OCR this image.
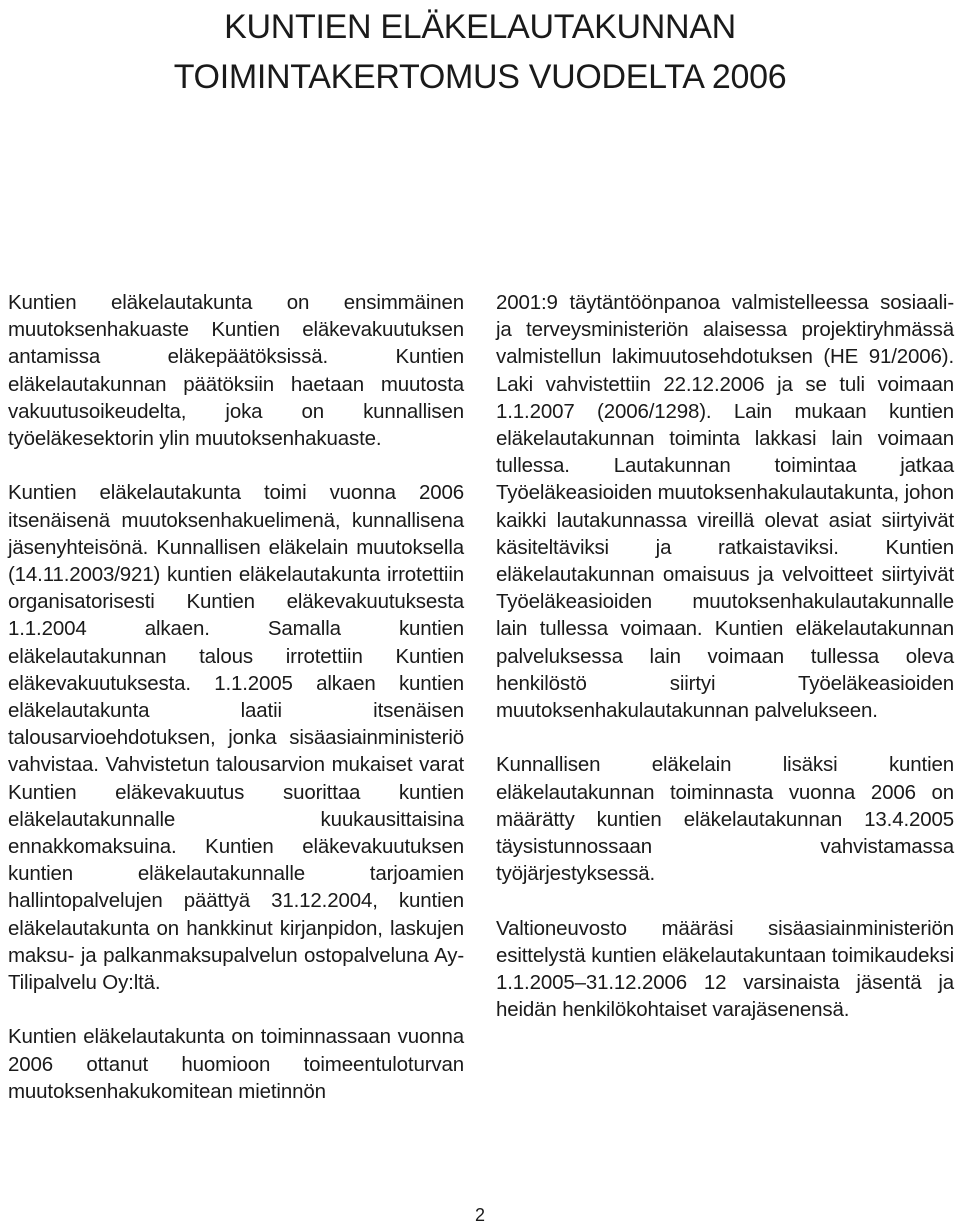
KUNTIEN ELÄKELAUTAKUNNAN
TOIMINTAKERTOMUS VUODELTA 2006

Kuntien eläkelautakunta on ensimmäinen muutoksenhakuaste Kuntien eläkevakuutuksen antamissa eläkepäätöksissä. Kuntien eläkelautakunnan päätöksiin haetaan muutosta vakuutusoikeudelta, joka on kunnallisen työeläkesektorin ylin muutoksenhakuaste.

Kuntien eläkelautakunta toimi vuonna 2006 itsenäisenä muutoksenhakuelimenä, kunnallisena jäsenyhteisönä. Kunnallisen eläkelain muutoksella (14.11.2003/921) kuntien eläkelautakunta irrotettiin organisatorisesti Kuntien eläkevakuutuksesta 1.1.2004 alkaen. Samalla kuntien eläkelautakunnan talous irrotettiin Kuntien eläkevakuutuksesta. 1.1.2005 alkaen kuntien eläkelautakunta laatii itsenäisen talousarvioehdotuksen, jonka sisäasiainministeriö vahvistaa. Vahvistetun talousarvion mukaiset varat Kuntien eläkevakuutus suorittaa kuntien eläkelautakunnalle kuukausittaisina ennakkomaksuina. Kuntien eläkevakuutuksen kuntien eläkelautakunnalle tarjoamien hallintopalvelujen päättyä 31.12.2004, kuntien eläkelautakunta on hankkinut kirjanpidon, laskujen maksu- ja palkanmaksupalvelun ostopalveluna Ay-Tilipalvelu Oy:ltä.

Kuntien eläkelautakunta on toiminnassaan vuonna 2006 ottanut huomioon toimeentuloturvan muutoksenhakukomitean mietinnön

2001:9 täytäntöönpanoa valmistelleessa sosiaali- ja terveysministeriön alaisessa projektiryhmässä valmistellun lakimuutosehdotuksen (HE 91/2006). Laki vahvistettiin 22.12.2006 ja se tuli voimaan 1.1.2007 (2006/1298). Lain mukaan kuntien eläkelautakunnan toiminta lakkasi lain voimaan tullessa. Lautakunnan toimintaa jatkaa Työeläkeasioiden muutoksenhakulautakunta, johon kaikki lautakunnassa vireillä olevat asiat siirtyivät käsiteltäviksi ja ratkaistaviksi. Kuntien eläkelautakunnan omaisuus ja velvoitteet siirtyivät Työeläkeasioiden muutoksenhakulautakunnalle lain tullessa voimaan. Kuntien eläkelautakunnan palveluksessa lain voimaan tullessa oleva henkilöstö siirtyi Työeläkeasioiden muutoksenhakulautakunnan palvelukseen.

Kunnallisen eläkelain lisäksi kuntien eläkelautakunnan toiminnasta vuonna 2006 on määrätty kuntien eläkelautakunnan 13.4.2005 täysistunnossaan vahvistamassa työjärjestyksessä.

Valtioneuvosto määräsi sisäasiainministeriön esittelystä kuntien eläkelautakuntaan toimikaudeksi 1.1.2005–31.12.2006 12 varsinaista jäsentä ja heidän henkilökohtaiset varajäsenensä.

2
